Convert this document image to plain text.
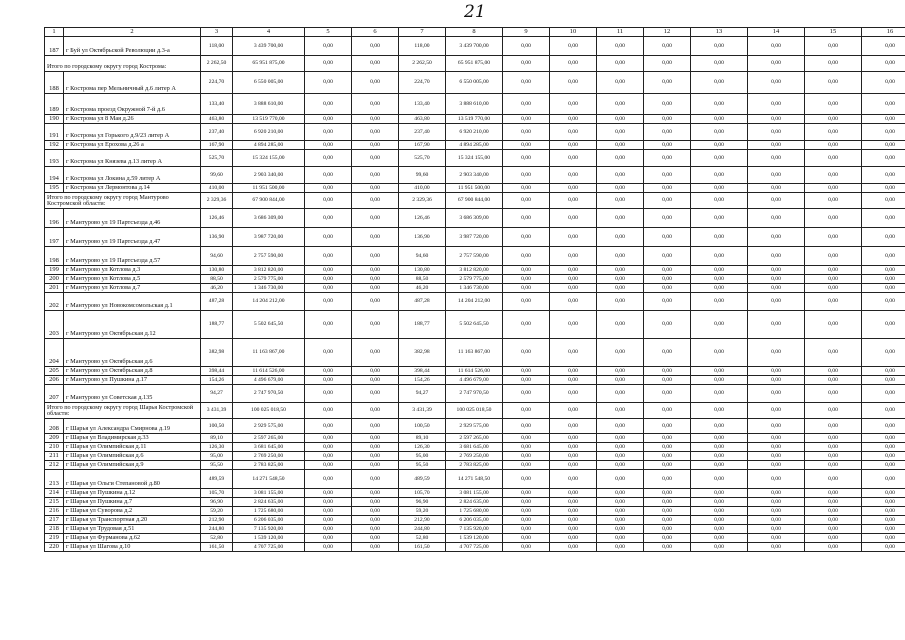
21
1	2	3	4	5	6	7	8	9	10	11	12	13	14	15	16
187	г Буй ул Октябрьской Революции д.3-а	118,00	3 439 700,00	0,00	0,00	118,00	3 439 700,00	0,00	0,00	0,00	0,00	0,00	0,00	0,00	0,00
Итого по городскому округу город Кострома:		2 262,50	65 951 875,00	0,00	0,00	2 262,50	65 951 875,00	0,00	0,00	0,00	0,00	0,00	0,00	0,00	0,00
188	г Кострома пер Мельничный д.6 литер А	224,70	6 550 005,00	0,00	0,00	224,70	6 550 005,00	0,00	0,00	0,00	0,00	0,00	0,00	0,00	0,00
189	г Кострома проезд Окружной 7-й д.6	133,40	3 888 610,00	0,00	0,00	133,40	3 888 610,00	0,00	0,00	0,00	0,00	0,00	0,00	0,00	0,00
190	г Кострома ул 8 Мая д.26	463,80	13 519 770,00	0,00	0,00	463,80	13 519 770,00	0,00	0,00	0,00	0,00	0,00	0,00	0,00	0,00
191	г Кострома ул Горького д.9/23 литер А	237,40	6 920 210,00	0,00	0,00	237,40	6 920 210,00	0,00	0,00	0,00	0,00	0,00	0,00	0,00	0,00
192	г Кострома ул Ерохова д.26 а	167,90	4 894 285,00	0,00	0,00	167,90	4 894 285,00	0,00	0,00	0,00	0,00	0,00	0,00	0,00	0,00
193	г Кострома ул Князева д.13 литер А	525,70	15 324 155,00	0,00	0,00	525,70	15 324 155,00	0,00	0,00	0,00	0,00	0,00	0,00	0,00	0,00
194	г Кострома ул Локина д.59 литер А	99,60	2 903 340,00	0,00	0,00	99,60	2 903 340,00	0,00	0,00	0,00	0,00	0,00	0,00	0,00	0,00
195	г Кострома ул Лермонтова д.14	410,00	11 951 500,00	0,00	0,00	410,00	11 951 500,00	0,00	0,00	0,00	0,00	0,00	0,00	0,00	0,00
Итого по городскому округу город Мантурово Костромской области:		2 329,36	67 900 844,00	0,00	0,00	2 329,36	67 900 844,00	0,00	0,00	0,00	0,00	0,00	0,00	0,00	0,00
196	г Мантурово ул 19 Партсъезда д.46	126,46	3 686 309,00	0,00	0,00	126,46	3 686 309,00	0,00	0,00	0,00	0,00	0,00	0,00	0,00	0,00
197	г Мантурово ул 19 Партсъезда д.47	136,90	3 987 720,00	0,00	0,00	136,90	3 987 720,00	0,00	0,00	0,00	0,00	0,00	0,00	0,00	0,00
198	г Мантурово ул 19 Партсъезда д.57	94,60	2 757 590,00	0,00	0,00	94,60	2 757 590,00	0,00	0,00	0,00	0,00	0,00	0,00	0,00	0,00
199	г Мантурово ул Котлова д.3	130,80	3 812 820,00	0,00	0,00	130,80	3 812 820,00	0,00	0,00	0,00	0,00	0,00	0,00	0,00	0,00
200	г Мантурово ул Котлова д.5	88,50	2 579 775,00	0,00	0,00	88,50	2 579 775,00	0,00	0,00	0,00	0,00	0,00	0,00	0,00	0,00
201	г Мантурово ул Котлова д.7	46,20	1 346 730,00	0,00	0,00	46,20	1 346 730,00	0,00	0,00	0,00	0,00	0,00	0,00	0,00	0,00
202	г Мантурово ул Новокомсомольская д.1	487,28	14 204 212,00	0,00	0,00	487,28	14 204 212,00	0,00	0,00	0,00	0,00	0,00	0,00	0,00	0,00
203	г Мантурово ул Октябрьская д.12	188,77	5 502 645,50	0,00	0,00	188,77	5 502 645,50	0,00	0,00	0,00	0,00	0,00	0,00	0,00	0,00
204	г Мантурово ул Октябрьская д.6	382,98	11 163 867,00	0,00	0,00	382,98	11 163 867,00	0,00	0,00	0,00	0,00	0,00	0,00	0,00	0,00
205	г Мантурово ул Октябрьская д.8	398,44	11 614 526,00	0,00	0,00	398,44	11 614 526,00	0,00	0,00	0,00	0,00	0,00	0,00	0,00	0,00
206	г Мантурово ул Пушкина д.17	154,26	4 496 679,00	0,00	0,00	154,26	4 496 679,00	0,00	0,00	0,00	0,00	0,00	0,00	0,00	0,00
207	г Мантурово ул Советская д.135	94,27	2 747 970,50	0,00	0,00	94,27	2 747 970,50	0,00	0,00	0,00	0,00	0,00	0,00	0,00	0,00
Итого по городскому округу город Шарья Костромской области:		3 431,39	100 025 018,50	0,00	0,00	3 431,39	100 025 018,50	0,00	0,00	0,00	0,00	0,00	0,00	0,00	0,00
208	г Шарья ул Александра Смирнова д.19	100,50	2 929 575,00	0,00	0,00	100,50	2 929 575,00	0,00	0,00	0,00	0,00	0,00	0,00	0,00	0,00
209	г Шарья ул Владимирская д.33	89,10	2 597 265,00	0,00	0,00	89,10	2 597 265,00	0,00	0,00	0,00	0,00	0,00	0,00	0,00	0,00
210	г Шарья ул Олимпийская д.11	126,30	3 681 645,00	0,00	0,00	126,30	3 681 645,00	0,00	0,00	0,00	0,00	0,00	0,00	0,00	0,00
211	г Шарья ул Олимпийская д.6	95,00	2 769 250,00	0,00	0,00	95,00	2 769 250,00	0,00	0,00	0,00	0,00	0,00	0,00	0,00	0,00
212	г Шарья ул Олимпийская д.9	95,50	2 783 825,00	0,00	0,00	95,50	2 783 825,00	0,00	0,00	0,00	0,00	0,00	0,00	0,00	0,00
213	г Шарья ул Ольги Степановой д.80	489,59	14 271 548,50	0,00	0,00	489,59	14 271 548,50	0,00	0,00	0,00	0,00	0,00	0,00	0,00	0,00
214	г Шарья ул Пушкина д.12	105,70	3 081 155,00	0,00	0,00	105,70	3 081 155,00	0,00	0,00	0,00	0,00	0,00	0,00	0,00	0,00
215	г Шарья ул Пушкина д.7	96,90	2 824 635,00	0,00	0,00	96,90	2 824 635,00	0,00	0,00	0,00	0,00	0,00	0,00	0,00	0,00
216	г Шарья ул Суворова д.2	59,20	1 725 680,00	0,00	0,00	59,20	1 725 680,00	0,00	0,00	0,00	0,00	0,00	0,00	0,00	0,00
217	г Шарья ул Транспортная д.20	212,90	6 206 035,00	0,00	0,00	212,90	6 206 035,00	0,00	0,00	0,00	0,00	0,00	0,00	0,00	0,00
218	г Шарья ул Трудовая д.51	244,80	7 135 920,00	0,00	0,00	244,80	7 135 920,00	0,00	0,00	0,00	0,00	0,00	0,00	0,00	0,00
219	г Шарья ул Фурманова д.62	52,80	1 539 120,00	0,00	0,00	52,80	1 539 120,00	0,00	0,00	0,00	0,00	0,00	0,00	0,00	0,00
220	г Шарья ул Шагова д.10	161,50	4 707 725,00	0,00	0,00	161,50	4 707 725,00	0,00	0,00	0,00	0,00	0,00	0,00	0,00	0,00
